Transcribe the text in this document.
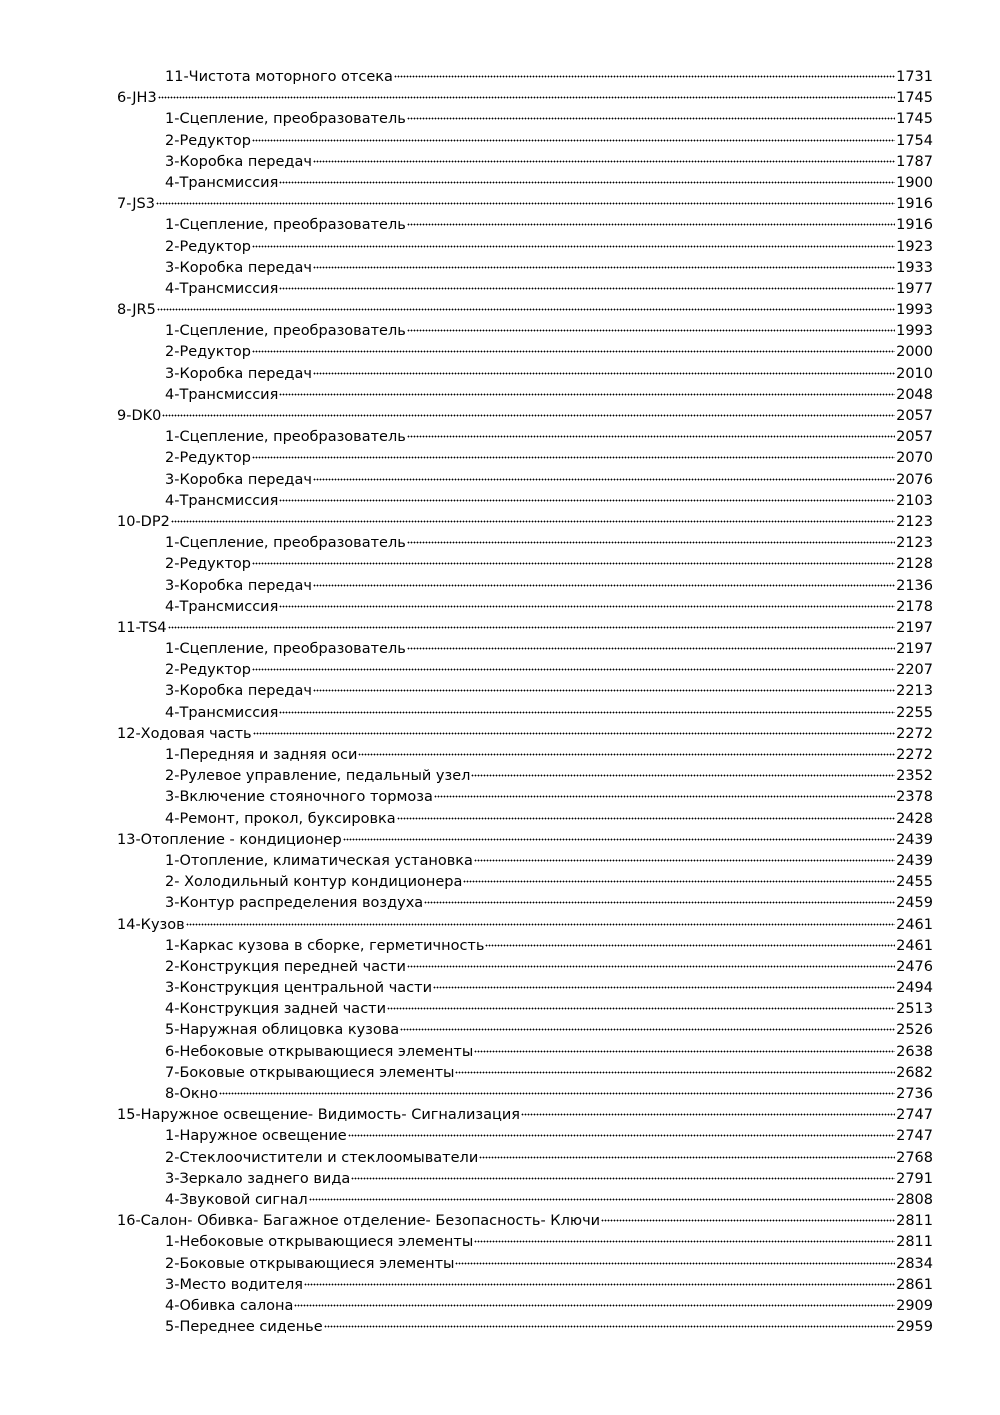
11-Чистота моторного отсека	1731
6-JH3	1745
1-Сцепление, преобразователь	1745
2-Редуктор	1754
3-Коробка передач	1787
4-Трансмиссия	1900
7-JS3	1916
1-Сцепление, преобразователь	1916
2-Редуктор	1923
3-Коробка передач	1933
4-Трансмиссия	1977
8-JR5	1993
1-Сцепление, преобразователь	1993
2-Редуктор	2000
3-Коробка передач	2010
4-Трансмиссия	2048
9-DK0	2057
1-Сцепление, преобразователь	2057
2-Редуктор	2070
3-Коробка передач	2076
4-Трансмиссия	2103
10-DP2	2123
1-Сцепление, преобразователь	2123
2-Редуктор	2128
3-Коробка передач	2136
4-Трансмиссия	2178
11-TS4	2197
1-Сцепление, преобразователь	2197
2-Редуктор	2207
3-Коробка передач	2213
4-Трансмиссия	2255
12-Ходовая часть	2272
1-Передняя и задняя оси	2272
2-Рулевое управление, педальный узел	2352
3-Включение стояночного тормоза	2378
4-Ремонт, прокол, буксировка	2428
13-Отопление - кондиционер	2439
1-Отопление, климатическая установка	2439
2- Холодильный контур кондиционера	2455
3-Контур распределения воздуха	2459
14-Кузов	2461
1-Каркас кузова в сборке, герметичность	2461
2-Конструкция передней части	2476
3-Конструкция центральной части	2494
4-Конструкция задней части	2513
5-Наружная облицовка кузова	2526
6-Небоковые открывающиеся элементы	2638
7-Боковые открывающиеся элементы	2682
8-Окно	2736
15-Наружное освещение- Видимость- Сигнализация	2747
1-Наружное освещение	2747
2-Стеклоочистители и стеклоомыватели	2768
3-Зеркало заднего вида	2791
4-Звуковой сигнал	2808
16-Салон- Обивка- Багажное отделение- Безопасность- Ключи	2811
1-Небоковые открывающиеся элементы	2811
2-Боковые открывающиеся элементы	2834
3-Место водителя	2861
4-Обивка салона	2909
5-Переднее сиденье	2959
